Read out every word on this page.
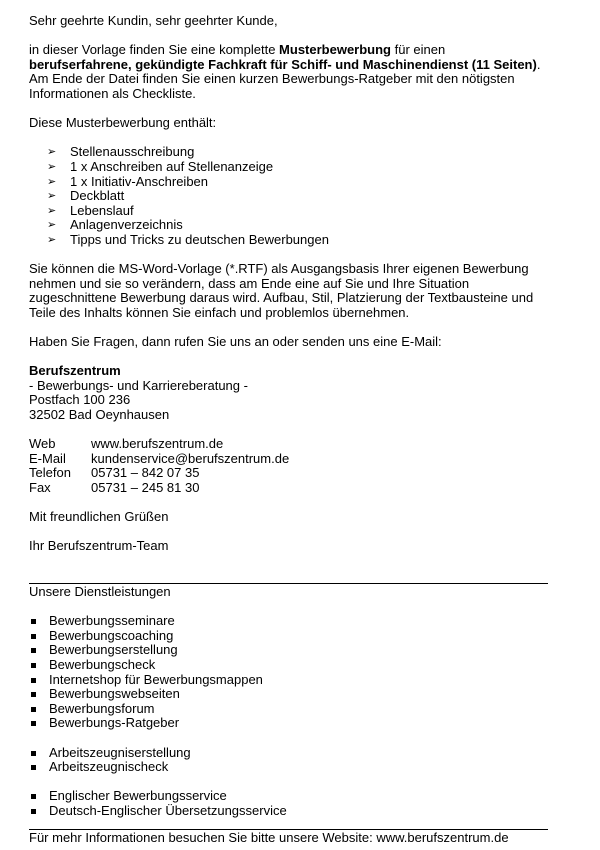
Sehr geehrte Kundin, sehr geehrter Kunde,

in dieser Vorlage finden Sie eine komplette Musterbewerbung für einen berufserfahrene, gekündigte Fachkraft für Schiff- und Maschinendienst (11 Seiten). Am Ende der Datei finden Sie einen kurzen Bewerbungs-Ratgeber mit den nötigsten Informationen als Checkliste.

Diese Musterbewerbung enthält:

➢ Stellenausschreibung
➢ 1 x Anschreiben auf Stellenanzeige
➢ 1 x Initiativ-Anschreiben
➢ Deckblatt
➢ Lebenslauf
➢ Anlagenverzeichnis
➢ Tipps und Tricks zu deutschen Bewerbungen

Sie können die MS-Word-Vorlage (*.RTF) als Ausgangsbasis Ihrer eigenen Bewerbung nehmen und sie so verändern, dass am Ende eine auf Sie und Ihre Situation zugeschnittene Bewerbung daraus wird. Aufbau, Stil, Platzierung der Textbausteine und Teile des Inhalts können Sie einfach und problemlos übernehmen.

Haben Sie Fragen, dann rufen Sie uns an oder senden uns eine E-Mail:

Berufszentrum

- Bewerbungs- und Karriereberatung -

Postfach 100 236

32502 Bad Oeynhausen

Web	www.berufszentrum.de
E-Mail	kundenservice@berufszentrum.de
Telefon	05731 – 842 07 35
Fax	05731 – 245 81 30

Mit freundlichen Grüßen

Ihr Berufszentrum-Team

Unsere Dienstleistungen

Bewerbungsseminare
Bewerbungscoaching
Bewerbungserstellung
Bewerbungscheck
Internetshop für Bewerbungsmappen
Bewerbungswebseiten
Bewerbungsforum
Bewerbungs-Ratgeber
Arbeitszeugniserstellung
Arbeitszeugnischeck
Englischer Bewerbungsservice
Deutsch-Englischer Übersetzungsservice

Für mehr Informationen besuchen Sie bitte unsere Website: www.berufszentrum.de
